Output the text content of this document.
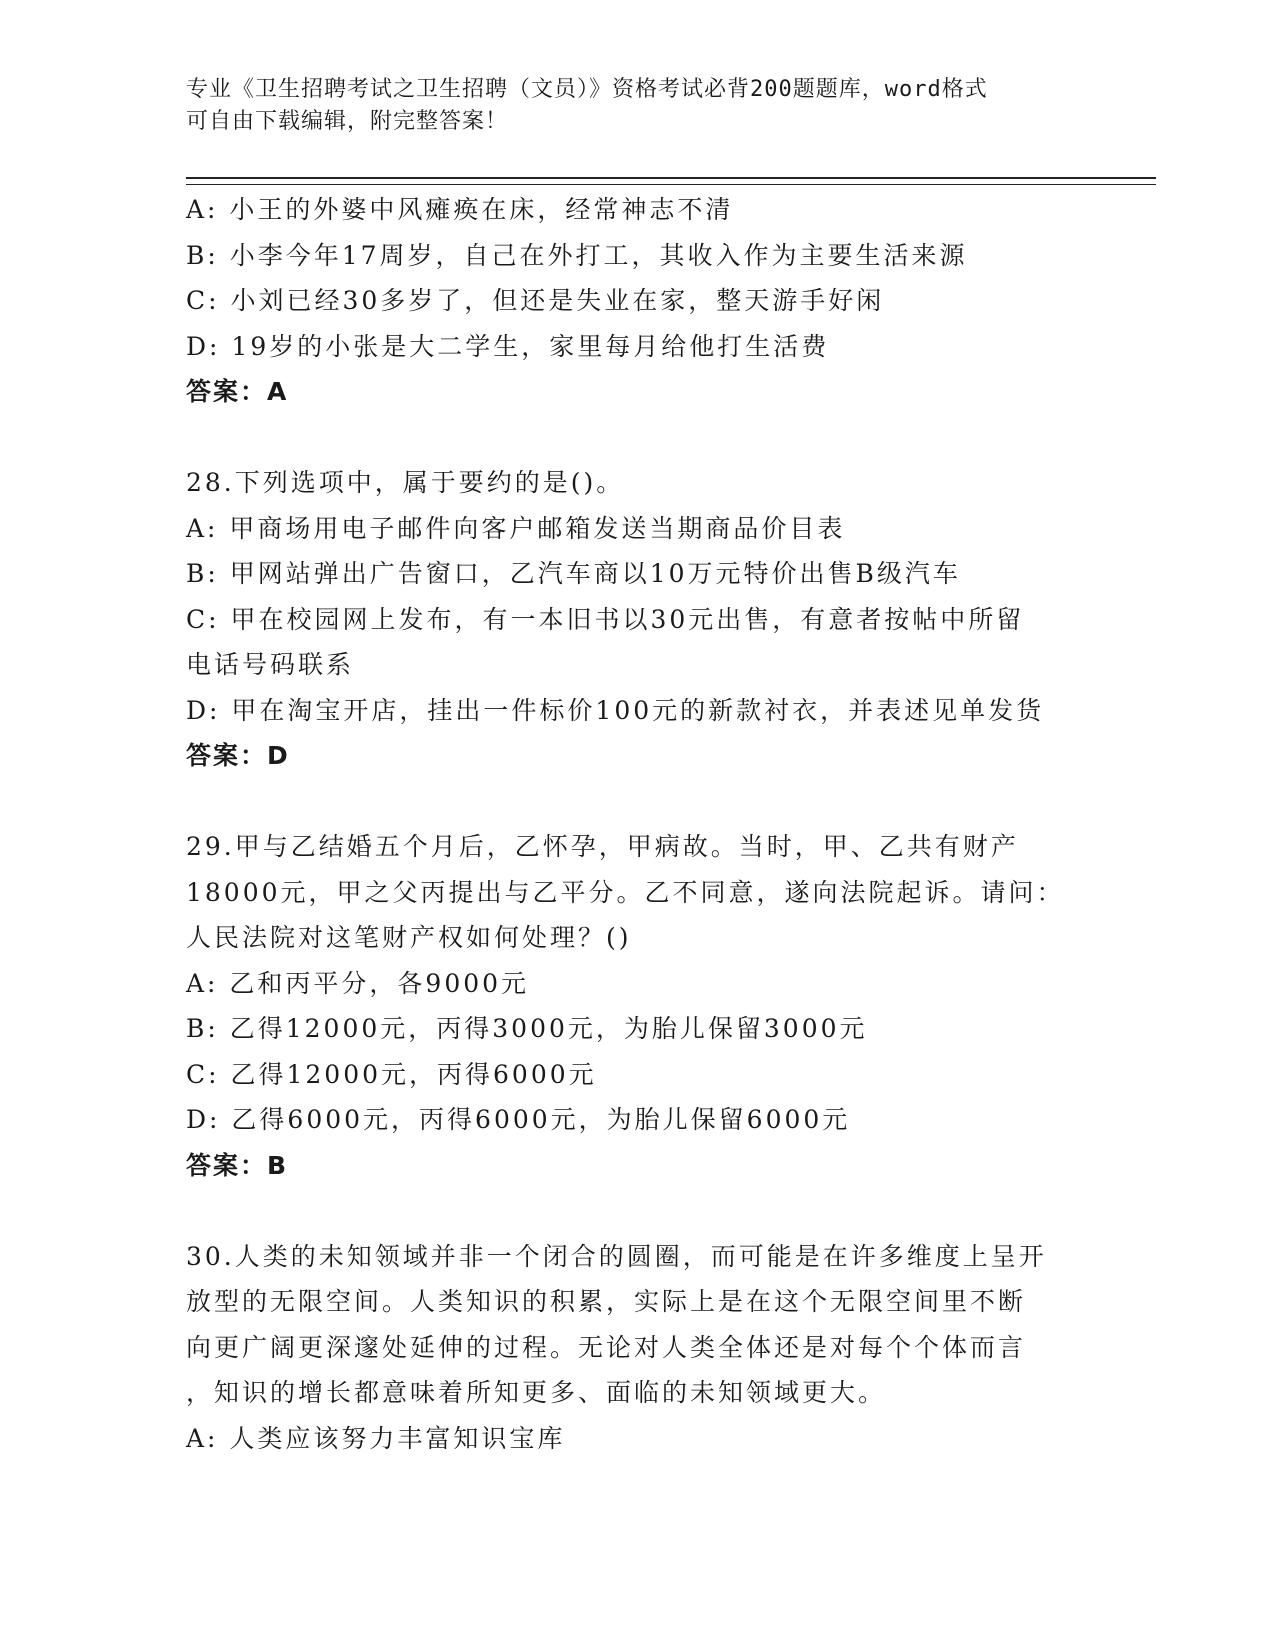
专业《卫生招聘考试之卫生招聘（文员）》资格考试必背200题题库，word格式
可自由下载编辑，附完整答案！
A: 小王的外婆中风瘫痪在床，经常神志不清
B: 小李今年17周岁，自己在外打工，其收入作为主要生活来源
C: 小刘已经30多岁了，但还是失业在家，整天游手好闲
D: 19岁的小张是大二学生，家里每月给他打生活费
答案：A
28.下列选项中，属于要约的是()。
A: 甲商场用电子邮件向客户邮箱发送当期商品价目表
B: 甲网站弹出广告窗口，乙汽车商以10万元特价出售B级汽车
C: 甲在校园网上发布，有一本旧书以30元出售，有意者按帖中所留
电话号码联系
D: 甲在淘宝开店，挂出一件标价100元的新款衬衣，并表述见单发货
答案：D
29.甲与乙结婚五个月后，乙怀孕，甲病故。当时，甲、乙共有财产
18000元，甲之父丙提出与乙平分。乙不同意，遂向法院起诉。请问：
人民法院对这笔财产权如何处理？()
A: 乙和丙平分，各9000元
B: 乙得12000元，丙得3000元，为胎儿保留3000元
C: 乙得12000元，丙得6000元
D: 乙得6000元，丙得6000元，为胎儿保留6000元
答案：B
30.人类的未知领域并非一个闭合的圆圈，而可能是在许多维度上呈开
放型的无限空间。人类知识的积累，实际上是在这个无限空间里不断
向更广阔更深邃处延伸的过程。无论对人类全体还是对每个个体而言
，知识的增长都意味着所知更多、面临的未知领域更大。
A: 人类应该努力丰富知识宝库
